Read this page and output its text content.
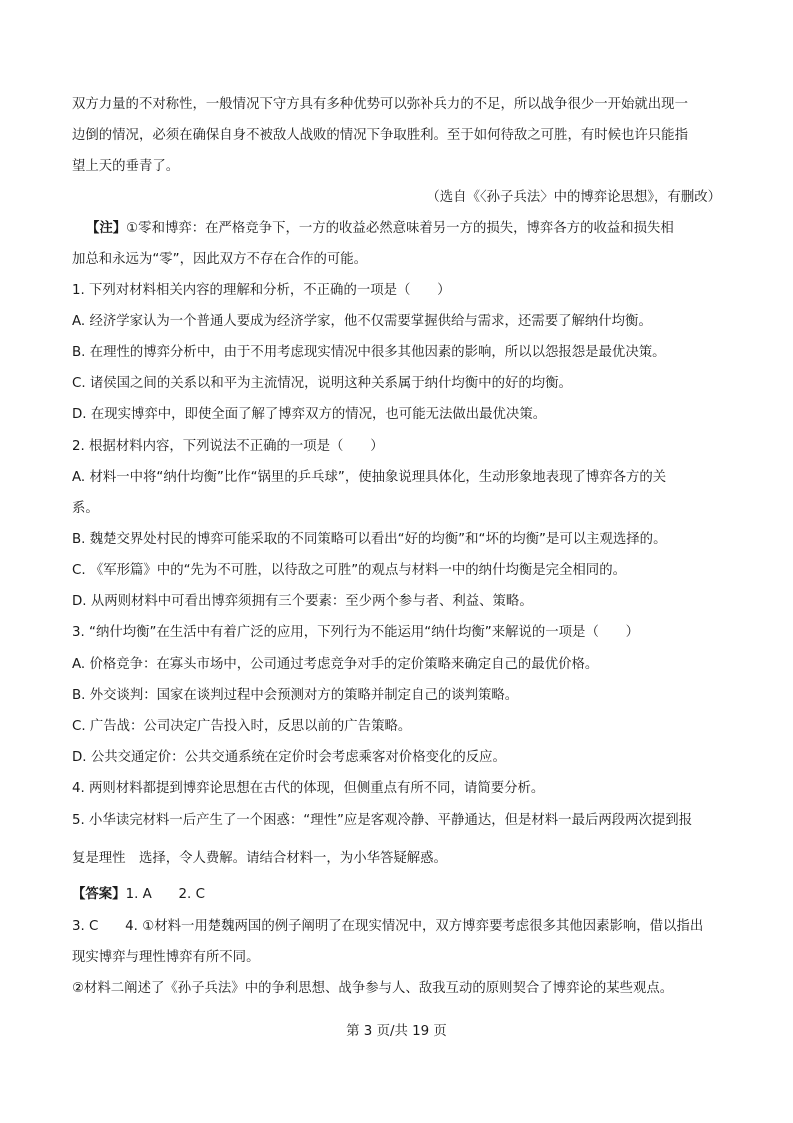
双方力量的不对称性，一般情况下守方具有多种优势可以弥补兵力的不足，所以战争很少一开始就出现一
边倒的情况，必须在确保自身不被敌人战败的情况下争取胜利。至于如何待敌之可胜，有时候也许只能指
望上天的垂青了。
（选自《〈孙子兵法〉中的博弈论思想》，有删改）
【注】①零和博弈：在严格竞争下，一方的收益必然意味着另一方的损失，博弈各方的收益和损失相
加总和永远为“零”，因此双方不存在合作的可能。
1. 下列对材料相关内容的理解和分析，不正确的一项是（　　）
A. 经济学家认为一个普通人要成为经济学家，他不仅需要掌握供给与需求，还需要了解纳什均衡。
B. 在理性的博弈分析中，由于不用考虑现实情况中很多其他因素的影响，所以以怨报怨是最优决策。
C. 诸侯国之间的关系以和平为主流情况，说明这种关系属于纳什均衡中的好的均衡。
D. 在现实博弈中，即使全面了解了博弈双方的情况，也可能无法做出最优决策。
2. 根据材料内容，下列说法不正确的一项是（　　）
A. 材料一中将“纳什均衡”比作“锅里的乒乓球”，使抽象说理具体化，生动形象地表现了博弈各方的关
系。
B. 魏楚交界处村民的博弈可能采取的不同策略可以看出“好的均衡”和“坏的均衡”是可以主观选择的。
C. 《军形篇》中的“先为不可胜，以待敌之可胜”的观点与材料一中的纳什均衡是完全相同的。
D. 从两则材料中可看出博弈须拥有三个要素：至少两个参与者、利益、策略。
3. “纳什均衡”在生活中有着广泛的应用，下列行为不能运用“纳什均衡”来解说的一项是（　　）
A. 价格竞争：在寡头市场中，公司通过考虑竞争对手的定价策略来确定自己的最优价格。
B. 外交谈判：国家在谈判过程中会预测对方的策略并制定自己的谈判策略。
C. 广告战：公司决定广告投入时，反思以前的广告策略。
D. 公共交通定价：公共交通系统在定价时会考虑乘客对价格变化的反应。
4. 两则材料都提到博弈论思想在古代的体现，但侧重点有所不同，请简要分析。
5. 小华读完材料一后产生了一个困惑：“理性”应是客观冷静、平静通达，但是材料一最后两段两次提到报
复是理性　选择，令人费解。请结合材料一，为小华答疑解惑。
【答案】1. A　　2. C
3. C　　4. ①材料一用楚魏两国的例子阐明了在现实情况中，双方博弈要考虑很多其他因素影响，借以指出
现实博弈与理性博弈有所不同。
②材料二阐述了《孙子兵法》中的争利思想、战争参与人、敌我互动的原则契合了博弈论的某些观点。
第 3 页/共 19 页
